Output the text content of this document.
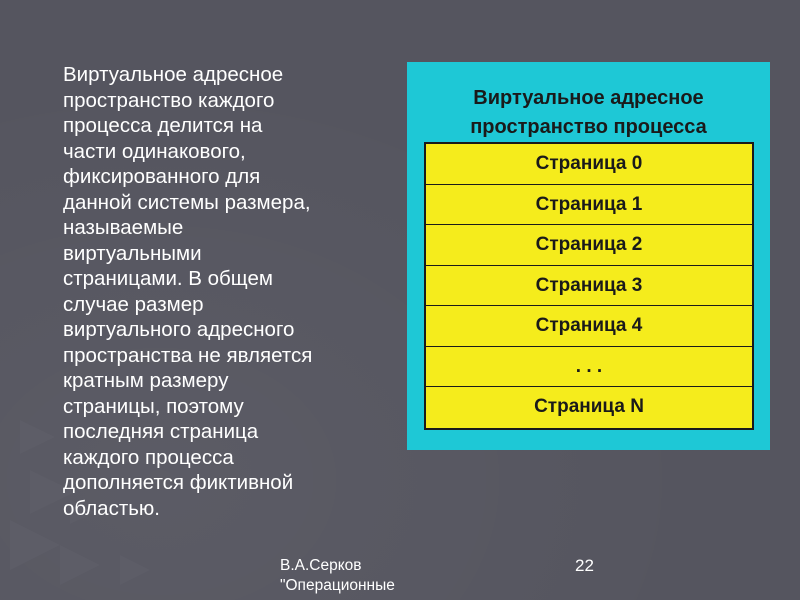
Виртуальное адресное
пространство каждого
процесса делится на
части одинакового,
фиксированного для
данной системы размера,
называемые
виртуальными
страницами. В общем
случае размер
виртуального адресного
пространства не является
кратным размеру
страницы, поэтому
последняя страница
каждого процесса
дополняется фиктивной
областью.
Виртуальное адресное
пространство процесса
Страница 0
Страница 1
Страница 2
Страница 3
Страница 4
. . .
Страница N
В.А.Серков
"Операционные
22
